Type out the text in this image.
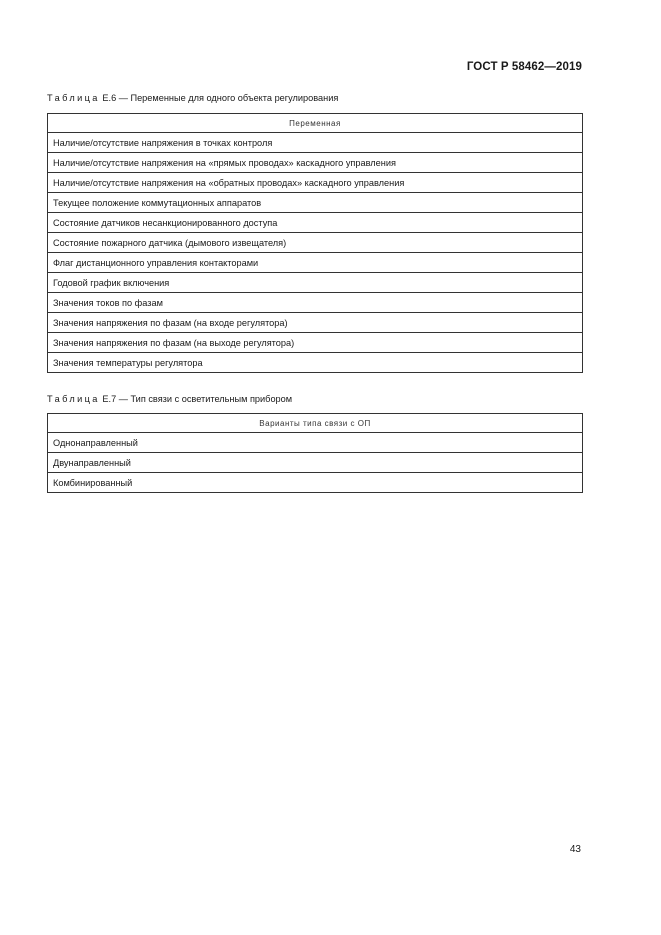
ГОСТ Р 58462—2019
Таблица Е.6 — Переменные для одного объекта регулирования
Переменная
Наличие/отсутствие напряжения в точках контроля
Наличие/отсутствие напряжения на «прямых проводах» каскадного управления
Наличие/отсутствие напряжения на «обратных проводах» каскадного управления
Текущее положение коммутационных аппаратов
Состояние датчиков несанкционированного доступа
Состояние пожарного датчика (дымового извещателя)
Флаг дистанционного управления контакторами
Годовой график включения
Значения токов по фазам
Значения напряжения по фазам (на входе регулятора)
Значения напряжения по фазам (на выходе регулятора)
Значения температуры регулятора
Таблица Е.7 — Тип связи с осветительным прибором
Варианты типа связи с ОП
Однонаправленный
Двунаправленный
Комбинированный
43
